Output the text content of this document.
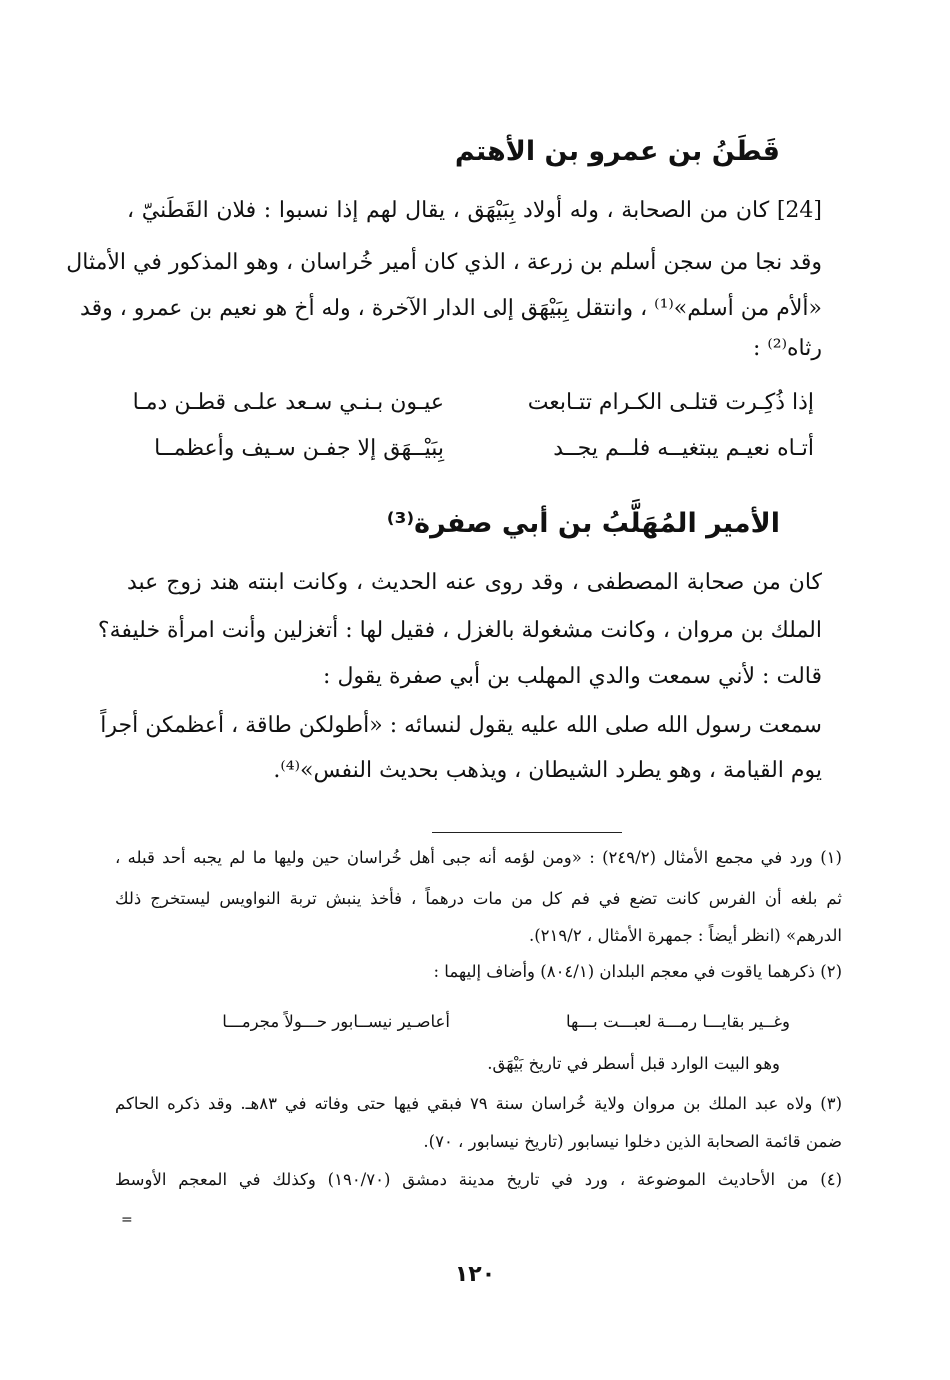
قَطَنُ بن عمرو بن الأهتم
[24] كان من الصحابة ، وله أولاد بِبَيْهَق ، يقال لهم إذا نسبوا : فلان القَطَنيّ ،
وقد نجا من سجن أسلم بن زرعة ، الذي كان أمير خُراسان ، وهو المذكور في الأمثال
«ألأم من أسلم»⁽¹⁾ ، وانتقل بِبَيْهَق إلى الدار الآخرة ، وله أخ هو نعيم بن عمرو ، وقد
رثاه⁽²⁾ :
إذا ذُكِـرت قتلـى الكـرام تتـابعت
عيـون بـنـي سـعد علـى قطـن دمـا
أتـاه نعيـم يبتغيــه فلــم يجــد
بِبَيْــهَق إلا جفـن سـيف وأعظمــا
الأمير المُهَلَّبُ بن أبي صفرة⁽³⁾
كان من صحابة المصطفى ، وقد روى عنه الحديث ، وكانت ابنته هند زوج عبد
الملك بن مروان ، وكانت مشغولة بالغزل ، فقيل لها : أتغزلين وأنت امرأة خليفة؟
قالت : لأني سمعت والدي المهلب بن أبي صفرة يقول :
سمعت رسول الله صلى الله عليه يقول لنسائه : «أطولكن طاقة ، أعظمكن أجراً
يوم القيامة ، وهو يطرد الشيطان ، ويذهب بحديث النفس»⁽⁴⁾.
(١) ورد في مجمع الأمثال (٢٤٩/٢) : «ومن لؤمه أنه جبى أهل خُراسان حين وليها ما لم يجبه أحد قبله ،
ثم بلغه أن الفرس كانت تضع في فم كل من مات درهماً ، فأخذ ينبش تربة النواويس ليستخرج ذلك
الدرهم» (انظر أيضاً : جمهرة الأمثال ، ٢١٩/٢).
(٢) ذكرهما ياقوت في معجم البلدان (٨٠٤/١) وأضاف إليهما :
وغــير بقايـــا رمـــة لعبـــت بـــها
أعاصـير نيســابور حـــولاً مجرمـــا
وهو البيت الوارد قبل أسطر في تاريخ بَيْهَق.
(٣) ولاه عبد الملك بن مروان ولاية خُراسان سنة ٧٩ فبقي فيها حتى وفاته في ٨٣هـ. وقد ذكره الحاكم
ضمن قائمة الصحابة الذين دخلوا نيسابور (تاريخ نيسابور ، ٧٠).
(٤) من الأحاديث الموضوعة ، ورد في تاريخ مدينة دمشق (١٩٠/٧٠) وكذلك في المعجم الأوسط
=
١٢٠
